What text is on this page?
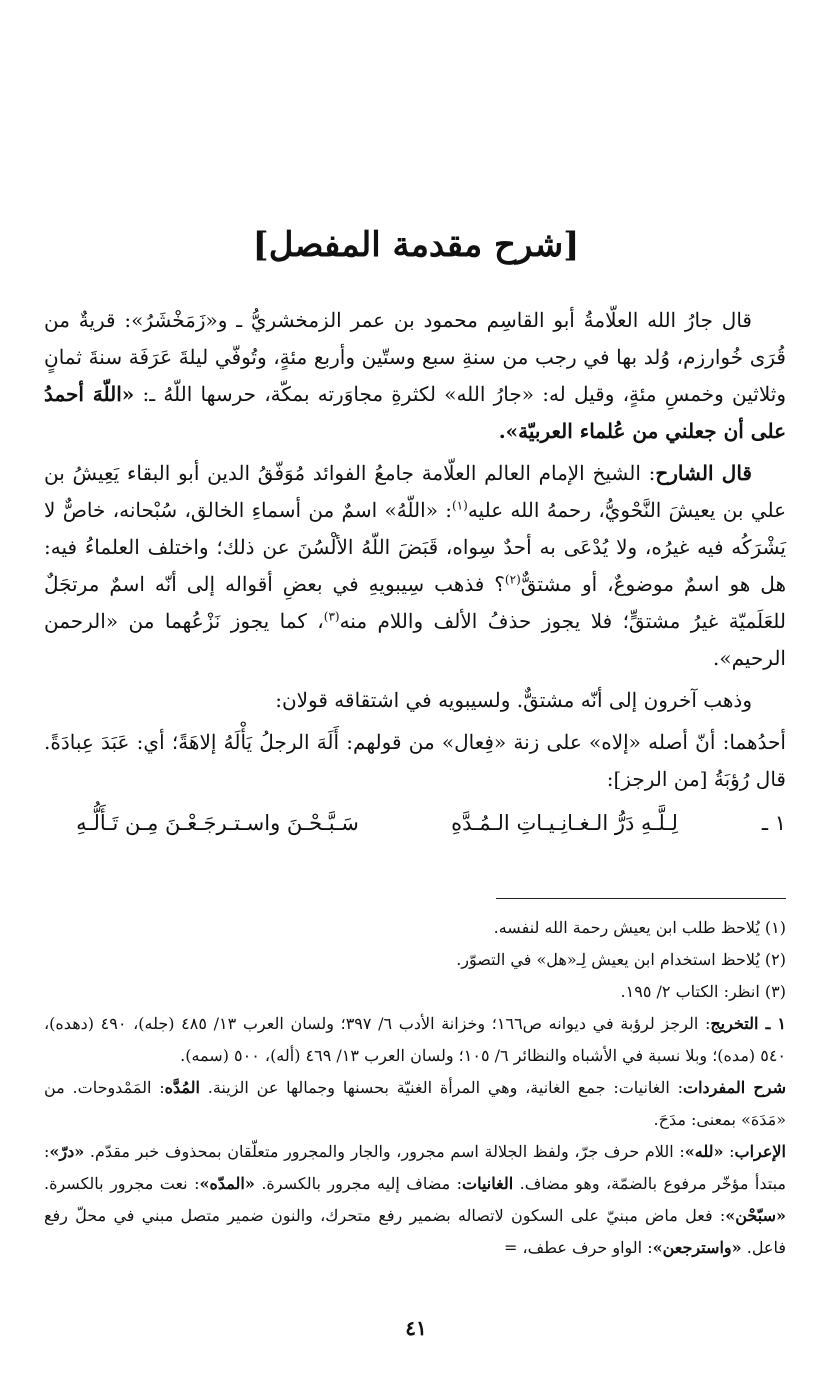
[شرح مقدمة المفصل]

قال جارُ الله العلّامةُ أبو القاسِم محمود بن عمر الزمخشريُّ ـ و«زَمَخْشَرُ»: قريةٌ من قُرَى خُوارزم، وُلد بها في رجب من سنةِ سبع وستّين وأربع مئةٍ، وتُوفّي ليلةَ عَرَفَة سنةَ ثمانٍ وثلاثين وخمسِ مئةٍ، وقيل له: «جارُ الله» لكثرةِ مجاوَرته بمكّة، حرسها اللّهُ ـ: «اللّهَ أحمدُ على أن جعلني من عُلماء العربيّة».

قال الشارح: الشيخ الإمام العالم العلّامة جامعُ الفوائد مُوَفّقُ الدين أبو البقاء يَعِيشُ بن علي بن يعيشَ النَّحْويُّ، رحمهُ الله عليه$^{(١)}$: «اللّهُ» اسمٌ من أسماءِ الخالق، سُبْحانه، خاصٌّ لا يَشْرَكُه فيه غيرُه، ولا يُدْعَى به أحدٌ سِواه، قَبَضَ اللّهُ الألْسُنَ عن ذلك؛ واختلف العلماءُ فيه: هل هو اسمٌ موضوعٌ، أو مشتقٌّ$^{(٢)}$؟ فذهب سِيبويهِ في بعضِ أقواله إلى أنّه اسمٌ مرتجَلٌ للعَلَميّة غيرُ مشتقٍّ؛ فلا يجوز حذفُ الألف واللام منه$^{(٣)}$، كما يجوز نَزْعُهما من «الرحمن الرحيم».

وذهب آخرون إلى أنّه مشتقٌّ. ولسيبويه في اشتقاقه قولان:

أحدُهما: أنّ أصله «إلاه» على زنة «فِعال» من قولهم: أَلَهَ الرجلُ يَأْلَهُ إلاهَةً؛ أي: عَبَدَ عِبادَةً. قال رُؤبَةُ [من الرجز]:

١ ـ
لِـلَّـهِ دَرُّ الـغـانِـيـاتِ الـمُـدَّهِ
سَـبَّـحْـنَ واسـتـرجَـعْـنَ مِـن تَـأَلُّـهِ

(١) يُلاحظ طلب ابن يعيش رحمة الله لنفسه.

(٢) يُلاحظ استخدام ابن يعيش لِـ«هل» في التصوّر.

(٣) انظر: الكتاب ٢/ ١٩٥.

١ ـ التخريج: الرجز لرؤبة في ديوانه ص١٦٦؛ وخزانة الأدب ٦/ ٣٩٧؛ ولسان العرب ١٣/ ٤٨٥ (جله)، ٤٩٠ (دهده)، ٥٤٠ (مده)؛ وبلا نسبة في الأشباه والنظائر ٦/ ١٠٥؛ ولسان العرب ١٣/ ٤٦٩ (أله)، ٥٠٠ (سمه).

شرح المفردات: الغانيات: جمع الغانية، وهي المرأة الغنيّة بحسنها وجمالها عن الزينة. المُدَّه: المَمْدوحات. من «مَدَهَ» بمعنى: مدَحَ.

الإعراب: «لله»: اللام حرف جرّ، ولفظ الجلالة اسم مجرور، والجار والمجرور متعلّقان بمحذوف خبر مقدّم. «درّ»: مبتدأ مؤخّر مرفوع بالضمّة، وهو مضاف. الغانيات: مضاف إليه مجرور بالكسرة. «المدّه»: نعت مجرور بالكسرة. «سبّحْن»: فعل ماض مبنيّ على السكون لاتصاله بضمير رفع متحرك، والنون ضمير متصل مبني في محلّ رفع فاعل. «واسترجعن»: الواو حرف عطف، =

٤١
